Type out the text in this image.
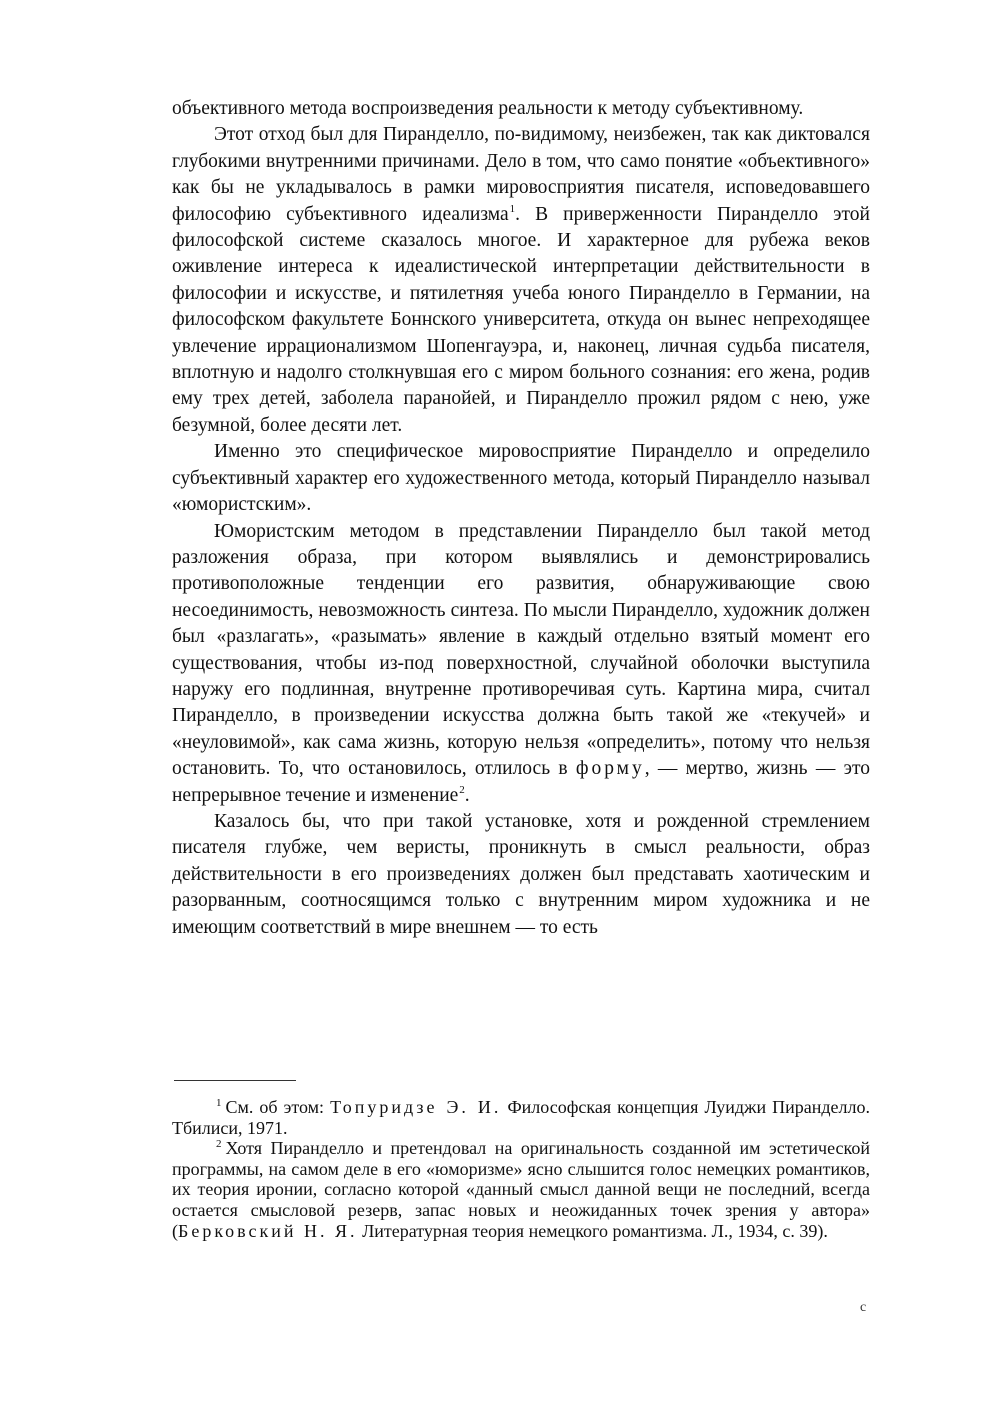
объективного метода воспроизведения реальности к методу субъективному.

Этот отход был для Пиранделло, по-видимому, неизбежен, так как диктовался глубокими внутренними причинами. Дело в том, что само понятие «объективного» как бы не укладывалось в рамки мировосприятия писателя, исповедовавшего философию субъективного идеализма$^1$. В приверженности Пиранделло этой философской системе сказалось многое. И характерное для рубежа веков оживление интереса к идеалистической интерпретации действительности в философии и искусстве, и пятилетняя учеба юного Пиранделло в Германии, на философском факультете Боннского университета, откуда он вынес непреходящее увлечение иррационализмом Шопенгауэра, и, наконец, личная судьба писателя, вплотную и надолго столкнувшая его с миром больного сознания: его жена, родив ему трех детей, заболела паранойей, и Пиранделло прожил рядом с нею, уже безумной, более десяти лет.

Именно это специфическое мировосприятие Пиранделло и определило субъективный характер его художественного метода, который Пиранделло называл «юмористским».

Юмористским методом в представлении Пиранделло был такой метод разложения образа, при котором выявлялись и демонстрировались противоположные тенденции его развития, обнаруживающие свою несоединимость, невозможность синтеза. По мысли Пиранделло, художник должен был «разлагать», «разымать» явление в каждый отдельно взятый момент его существования, чтобы из-под поверхностной, случайной оболочки выступила наружу его подлинная, внутренне противоречивая суть. Картина мира, считал Пиранделло, в произведении искусства должна быть такой же «текучей» и «неуловимой», как сама жизнь, которую нельзя «определить», потому что нельзя остановить. То, что остановилось, отлилось в форму, — мертво, жизнь — это непрерывное течение и изменение$^2$.

Казалось бы, что при такой установке, хотя и рожденной стремлением писателя глубже, чем веристы, проникнуть в смысл реальности, образ действительности в его произведениях должен был представать хаотическим и разорванным, соотносящимся только с внутренним миром художника и не имеющим соответствий в мире внешнем — то есть

$^1$ См. об этом: Топуридзе Э. И. Философская концепция Луиджи Пиранделло. Тбилиси, 1971.

$^2$ Хотя Пиранделло и претендовал на оригинальность созданной им эстетической программы, на самом деле в его «юморизме» ясно слышится голос немецких романтиков, их теория иронии, согласно которой «данный смысл данной вещи не последний, всегда остается смысловой резерв, запас новых и неожиданных точек зрения у автора» (Берковский Н. Я. Литературная теория немецкого романтизма. Л., 1934, с. 39).

c
